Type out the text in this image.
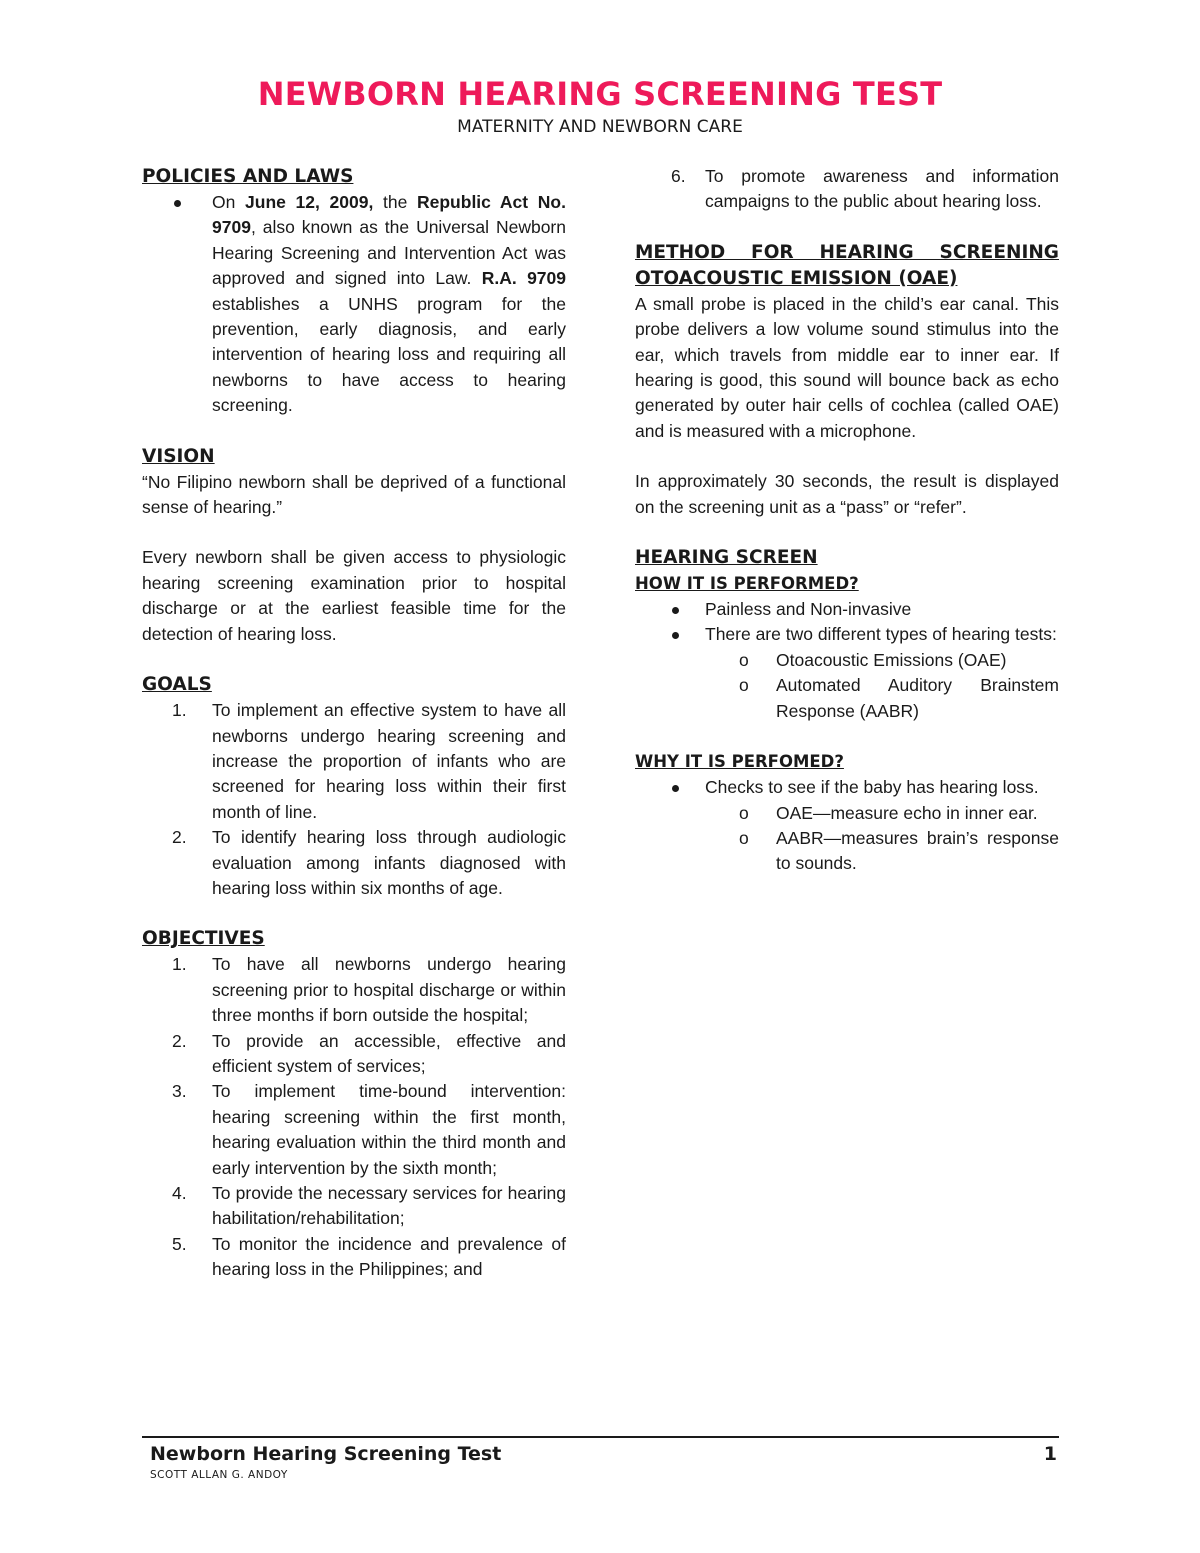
NEWBORN HEARING SCREENING TEST
MATERNITY AND NEWBORN CARE
POLICIES AND LAWS
On June 12, 2009, the Republic Act No. 9709, also known as the Universal Newborn Hearing Screening and Intervention Act was approved and signed into Law. R.A. 9709 establishes a UNHS program for the prevention, early diagnosis, and early intervention of hearing loss and requiring all newborns to have access to hearing screening.
VISION

“No Filipino newborn shall be deprived of a functional sense of hearing.”

Every newborn shall be given access to physiologic hearing screening examination prior to hospital discharge or at the earliest feasible time for the detection of hearing loss.

GOALS
1.	To implement an effective system to have all newborns undergo hearing screening and increase the proportion of infants who are screened for hearing loss within their first month of line.
2.	To identify hearing loss through audiologic evaluation among infants diagnosed with hearing loss within six months of age.
OBJECTIVES
1.	To have all newborns undergo hearing screening prior to hospital discharge or within three months if born outside the hospital;
2.	To provide an accessible, effective and efficient system of services;
3.	To implement time-bound intervention: hearing screening within the first month, hearing evaluation within the third month and early intervention by the sixth month;
4.	To provide the necessary services for hearing habilitation/rehabilitation;
5.	To monitor the incidence and prevalence of hearing loss in the Philippines; and
6. To promote awareness and information campaigns to the public about hearing loss.
METHOD FOR HEARING SCREENING
OTOACOUSTIC EMISSION (OAE)

A small probe is placed in the child’s ear canal. This probe delivers a low volume sound stimulus into the ear, which travels from middle ear to inner ear. If hearing is good, this sound will bounce back as echo generated by outer hair cells of cochlea (called OAE) and is measured with a microphone.

In approximately 30 seconds, the result is displayed on the screening unit as a “pass” or “refer”.

HEARING SCREEN
HOW IT IS PERFORMED?
Painless and Non-invasive
There are two different types of hearing tests:
o Otoacoustic Emissions (OAE)
o Automated Auditory Brainstem Response (AABR)
WHY IT IS PERFOMED?
Checks to see if the baby has hearing loss.
o OAE—measure echo in inner ear.
o AABR—measures brain’s response to sounds.
Newborn Hearing Screening Test	1
SCOTT ALLAN G. ANDOY
